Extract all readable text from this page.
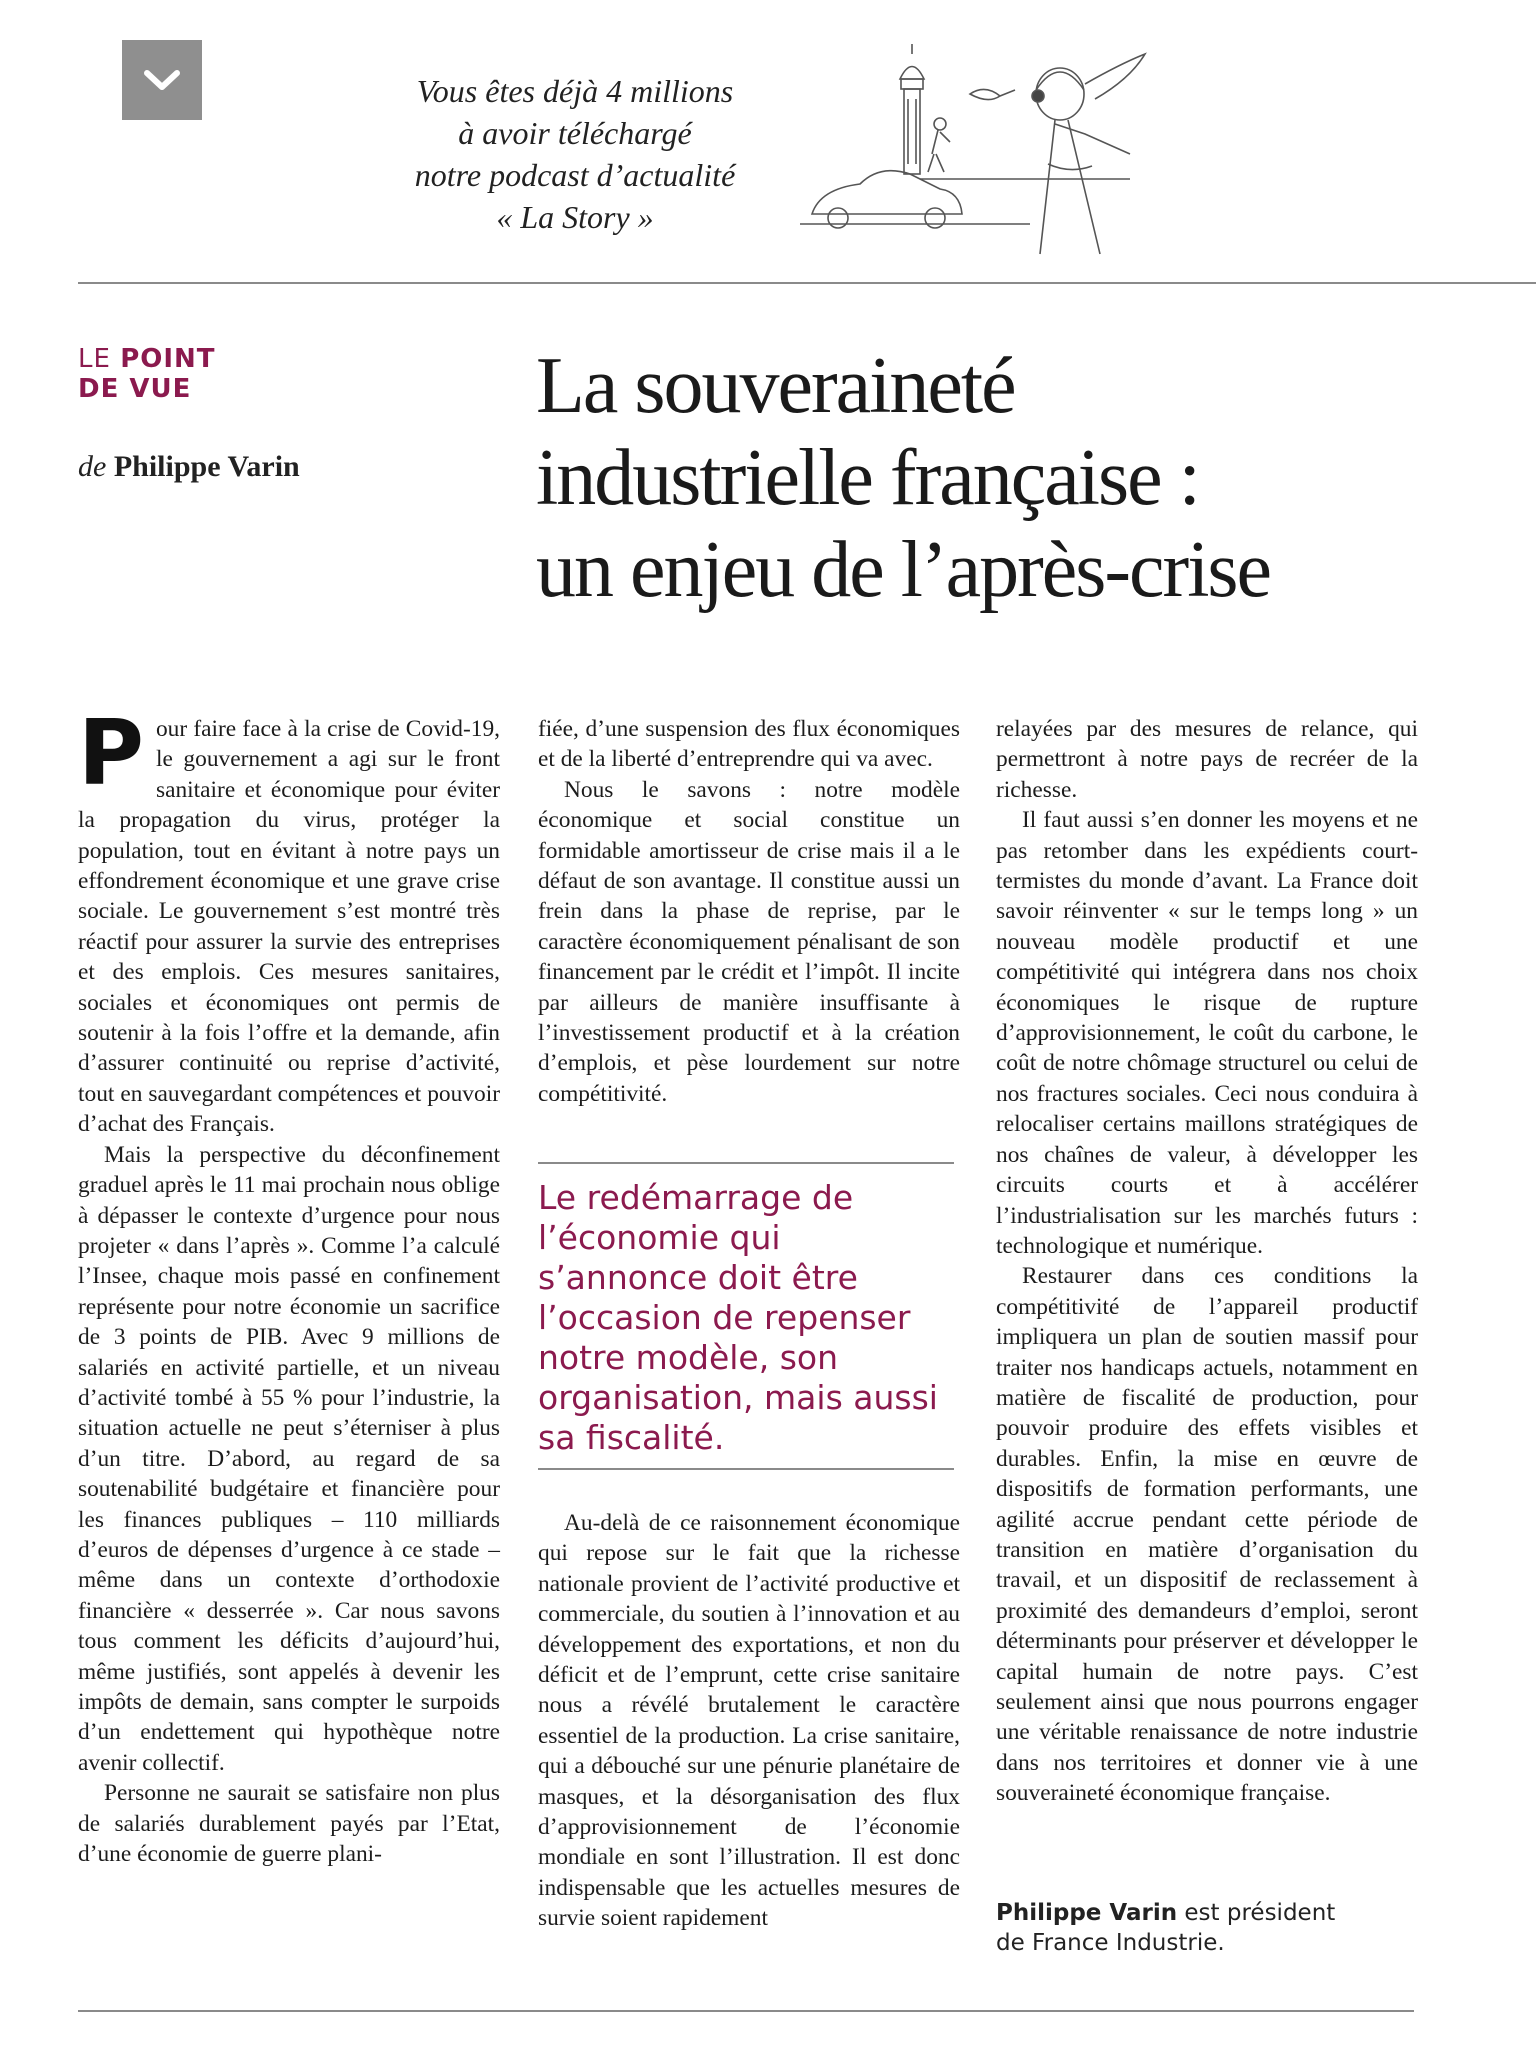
Vous êtes déjà 4 millions
à avoir téléchargé
notre podcast d’actualité
« La Story »
LE POINT
DE VUE
de Philippe Varin
La souveraineté
industrielle française :
un enjeu de l’après-crise

Pour faire face à la crise de Covid-19, le gouvernement a agi sur le front sanitaire et économique pour éviter la propagation du virus, protéger la population, tout en évitant à notre pays un effondrement économique et une grave crise sociale. Le gouvernement s’est montré très réactif pour assurer la survie des entreprises et des emplois. Ces mesures sanitaires, sociales et économiques ont permis de soutenir à la fois l’offre et la demande, afin d’assurer continuité ou reprise d’activité, tout en sauvegardant compétences et pouvoir d’achat des Français.

Mais la perspective du déconfinement graduel après le 11 mai prochain nous oblige à dépasser le contexte d’urgence pour nous projeter « dans l’après ». Comme l’a calculé l’Insee, chaque mois passé en confinement représente pour notre économie un sacrifice de 3 points de PIB. Avec 9 millions de salariés en activité partielle, et un niveau d’activité tombé à 55 % pour l’industrie, la situation actuelle ne peut s’éterniser à plus d’un titre. D’abord, au regard de sa soutenabilité budgétaire et financière pour les finances publiques – 110 milliards d’euros de dépenses d’urgence à ce stade – même dans un contexte d’orthodoxie financière « desserrée ». Car nous savons tous comment les déficits d’aujourd’hui, même justifiés, sont appelés à devenir les impôts de demain, sans compter le surpoids d’un endettement qui hypothèque notre avenir collectif.

Personne ne saurait se satisfaire non plus de salariés durablement payés par l’Etat, d’une économie de guerre plani-

fiée, d’une suspension des flux économiques et de la liberté d’entreprendre qui va avec.

Nous le savons : notre modèle économique et social constitue un formidable amortisseur de crise mais il a le défaut de son avantage. Il constitue aussi un frein dans la phase de reprise, par le caractère économiquement pénalisant de son financement par le crédit et l’impôt. Il incite par ailleurs de manière insuffisante à l’investissement productif et à la création d’emplois, et pèse lourdement sur notre compétitivité.

Le redémarrage de l’économie qui s’annonce doit être l’occasion de repenser notre modèle, son organisation, mais aussi sa fiscalité.

Au-delà de ce raisonnement économique qui repose sur le fait que la richesse nationale provient de l’activité productive et commerciale, du soutien à l’innovation et au développement des exportations, et non du déficit et de l’emprunt, cette crise sanitaire nous a révélé brutalement le caractère essentiel de la production. La crise sanitaire, qui a débouché sur une pénurie planétaire de masques, et la désorganisation des flux d’approvisionnement de l’économie mondiale en sont l’illustration. Il est donc indispensable que les actuelles mesures de survie soient rapidement

relayées par des mesures de relance, qui permettront à notre pays de recréer de la richesse.

Il faut aussi s’en donner les moyens et ne pas retomber dans les expédients court-termistes du monde d’avant. La France doit savoir réinventer « sur le temps long » un nouveau modèle productif et une compétitivité qui intégrera dans nos choix économiques le risque de rupture d’approvisionnement, le coût du carbone, le coût de notre chômage structurel ou celui de nos fractures sociales. Ceci nous conduira à relocaliser certains maillons stratégiques de nos chaînes de valeur, à développer les circuits courts et à accélérer l’industrialisation sur les marchés futurs : technologique et numérique.

Restaurer dans ces conditions la compétitivité de l’appareil productif impliquera un plan de soutien massif pour traiter nos handicaps actuels, notamment en matière de fiscalité de production, pour pouvoir produire des effets visibles et durables. Enfin, la mise en œuvre de dispositifs de formation performants, une agilité accrue pendant cette période de transition en matière d’organisation du travail, et un dispositif de reclassement à proximité des demandeurs d’emploi, seront déterminants pour préserver et développer le capital humain de notre pays. C’est seulement ainsi que nous pourrons engager une véritable renaissance de notre industrie dans nos territoires et donner vie à une souveraineté économique française.

Philippe Varin est président
de France Industrie.
